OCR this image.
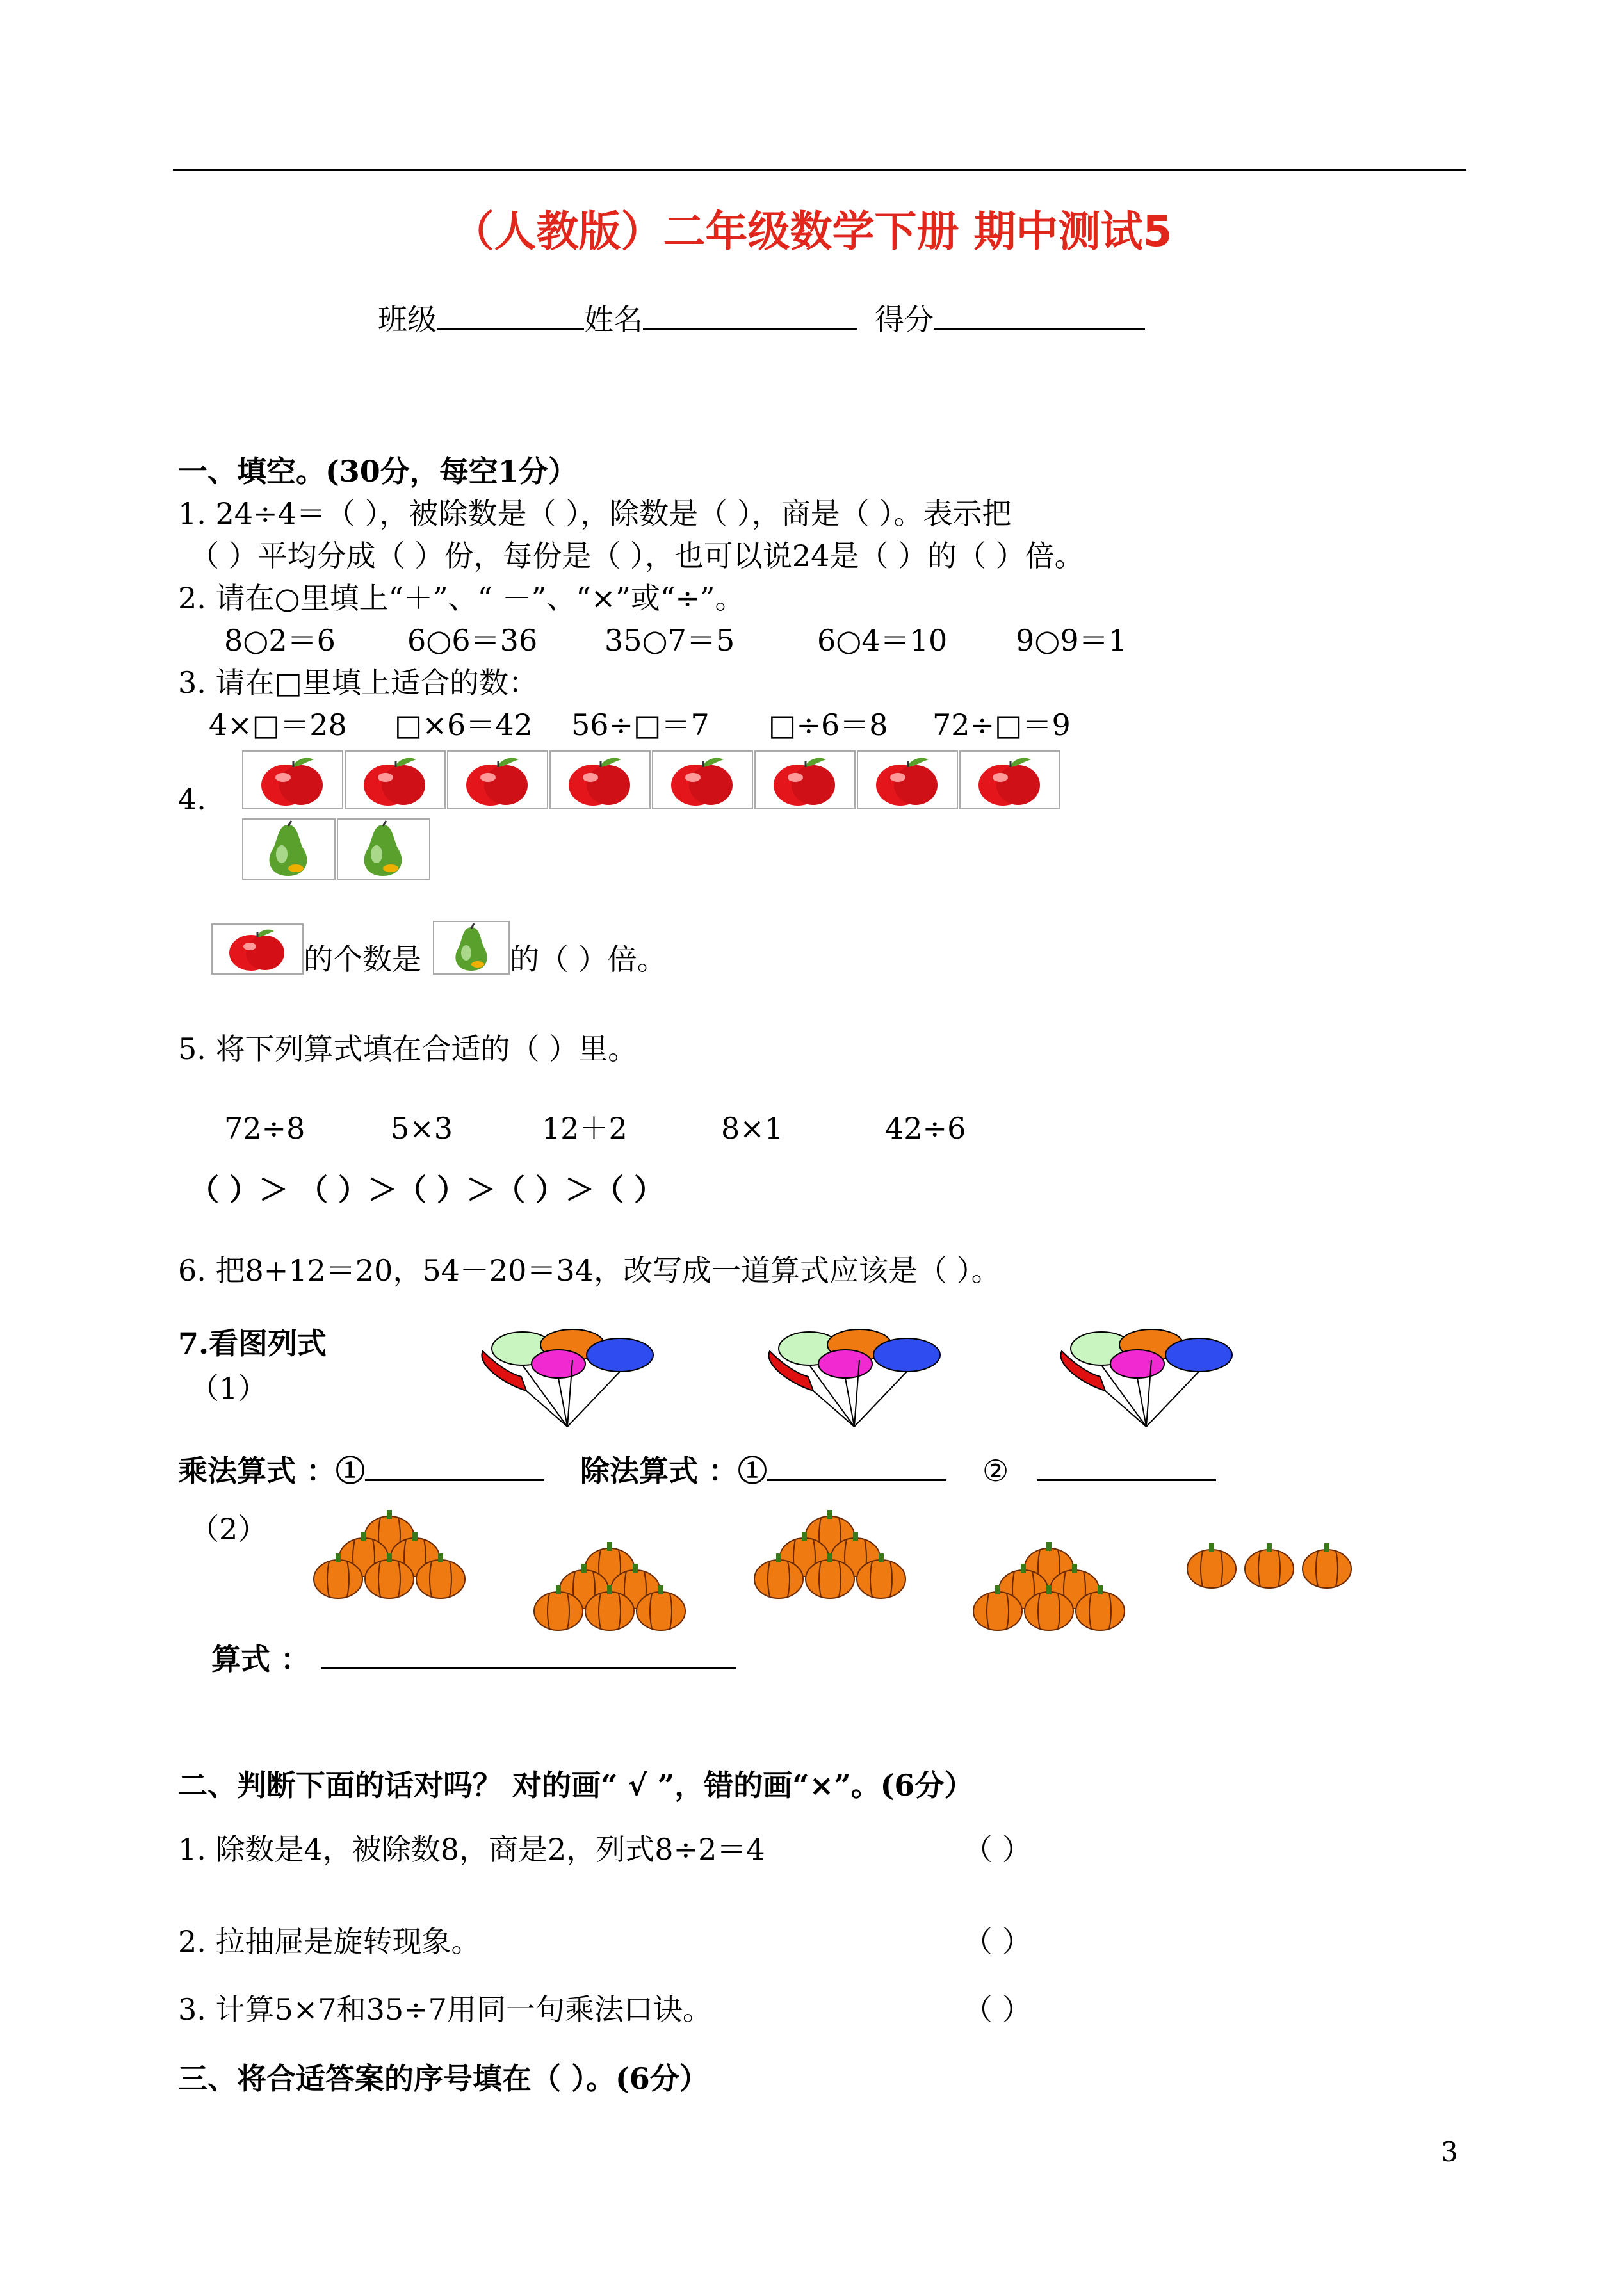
（人教版）二年级数学下册 期中测试5
班级	姓名	得分
一、填空。(30分，每空1分）
1. 24÷4＝（ ），被除数是（ ），除数是（ ），商是（ ）。表示把
（ ）平均分成（ ）份，每份是（ ），也可以说24是（ ）的（ ）倍。
2. 请在○里填上“＋”、“ －”、“×”或“÷”。
8○2＝6 6○6＝36 35○7＝5	6○4＝10 9○9＝1
3. 请在□里填上适合的数：
4×□＝28 □×6＝42 56÷□＝7 □÷6＝8 72÷□＝9
4.
的个数是	的（ ）倍。
5. 将下列算式填在合适的（ ）里。
72÷8	5×3	12＋2	8×1	42÷6
（ ）＞ （ ）＞（ ）＞（ ）＞（ ）
6. 把8+12＝20，54－20＝34，改写成一道算式应该是（ ）。
7.看图列式
（1）
乘法算式 ：①	除法算式 ：①	②
（2）
算式 ：
二、判断下面的话对吗？ 对的画“ √ ”，错的画“×”。(6分）
1. 除数是4，被除数8，商是2，列式8÷2＝4	（ ）
2. 拉抽屉是旋转现象。	（ ）
3. 计算5×7和35÷7用同一句乘法口诀。	（ ）
三、将合适答案的序号填在（ ）。(6分）
3
